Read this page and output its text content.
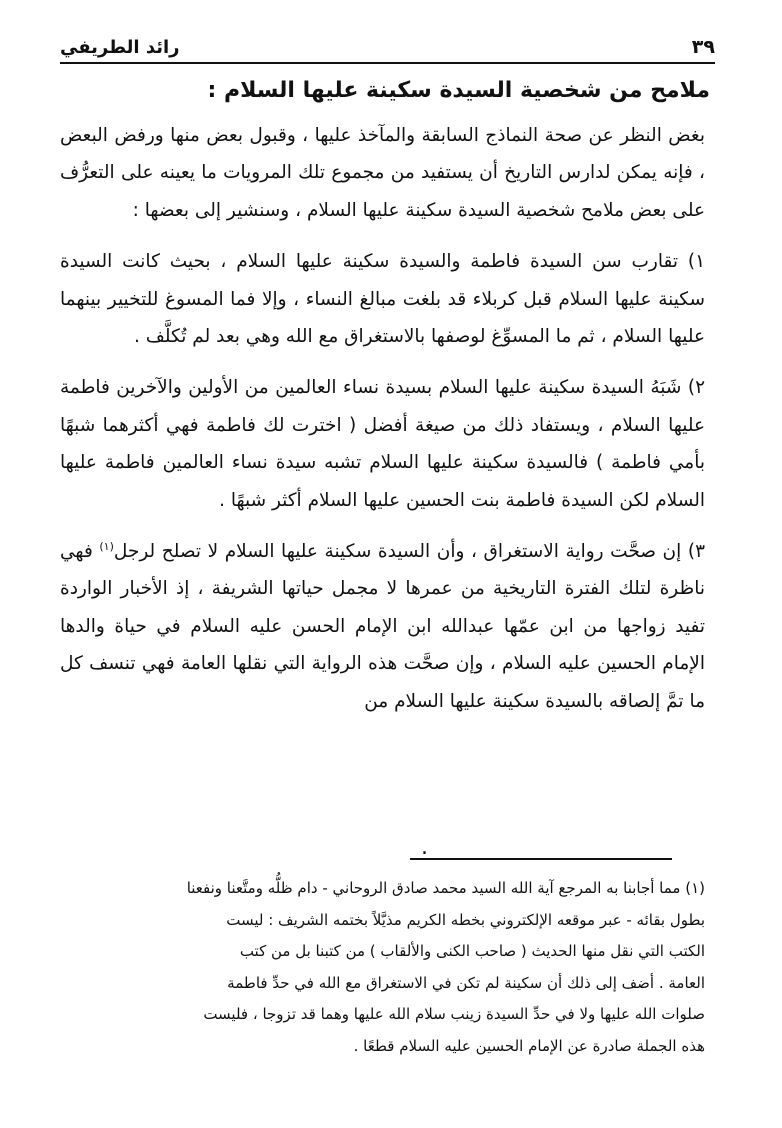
٣٩
رائد الطريفي
ملامح من شخصية السيدة سكينة عليها السلام :

بغض النظر عن صحة النماذج السابقة والمآخذ عليها ، وقبول بعض منها ورفض البعض ، فإنه يمكن لدارس التاريخ أن يستفيد من مجموع تلك المرويات ما يعينه على التعرُّف على بعض ملامح شخصية السيدة سكينة عليها السلام ، وسنشير إلى بعضها :

١) تقارب سن السيدة فاطمة والسيدة سكينة عليها السلام ، بحيث كانت السيدة سكينة عليها السلام قبل كربلاء قد بلغت مبالغ النساء ، وإلا فما المسوغ للتخيير بينهما عليها السلام ، ثم ما المسوِّغ لوصفها بالاستغراق مع الله وهي بعد لم تُكلَّف .

٢) شَبَهُ السيدة سكينة عليها السلام بسيدة نساء العالمين من الأولين والآخرين فاطمة عليها السلام ، ويستفاد ذلك من صيغة أفضل ( اخترت لك فاطمة فهي أكثرهما شبهًا بأمي فاطمة ) فالسيدة سكينة عليها السلام تشبه سيدة نساء العالمين فاطمة عليها السلام لكن السيدة فاطمة بنت الحسين عليها السلام أكثر شبهًا .

٣) إن صحَّت رواية الاستغراق ، وأن السيدة سكينة عليها السلام لا تصلح لرجل$^{(١)}$ فهي ناظرة لتلك الفترة التاريخية من عمرها لا مجمل حياتها الشريفة ، إذ الأخبار الواردة تفيد زواجها من ابن عمّها عبدالله ابن الإمام الحسن عليه السلام في حياة والدها الإمام الحسين عليه السلام ، وإن صحَّت هذه الرواية التي نقلها العامة فهي تنسف كل ما تمَّ إلصاقه بالسيدة سكينة عليها السلام من

.

(١) مما أجابنا به المرجع آية الله السيد محمد صادق الروحاني - دام ظلُّه ومتَّعنا ونفعنا

بطول بقائه - عبر موقعه الإلكتروني بخطه الكريم مذيَّلاً بختمه الشريف : ليست

الكتب التي نقل منها الحديث ( صاحب الكنى والألقاب ) من كتبنا بل من كتب

العامة . أضف إلى ذلك أن سكينة لم تكن في الاستغراق مع الله في حدِّ فاطمة

صلوات الله عليها ولا في حدِّ السيدة زينب سلام الله عليها وهما قد تزوجا ، فليست

هذه الجملة صادرة عن الإمام الحسين عليه السلام قطعًا .
